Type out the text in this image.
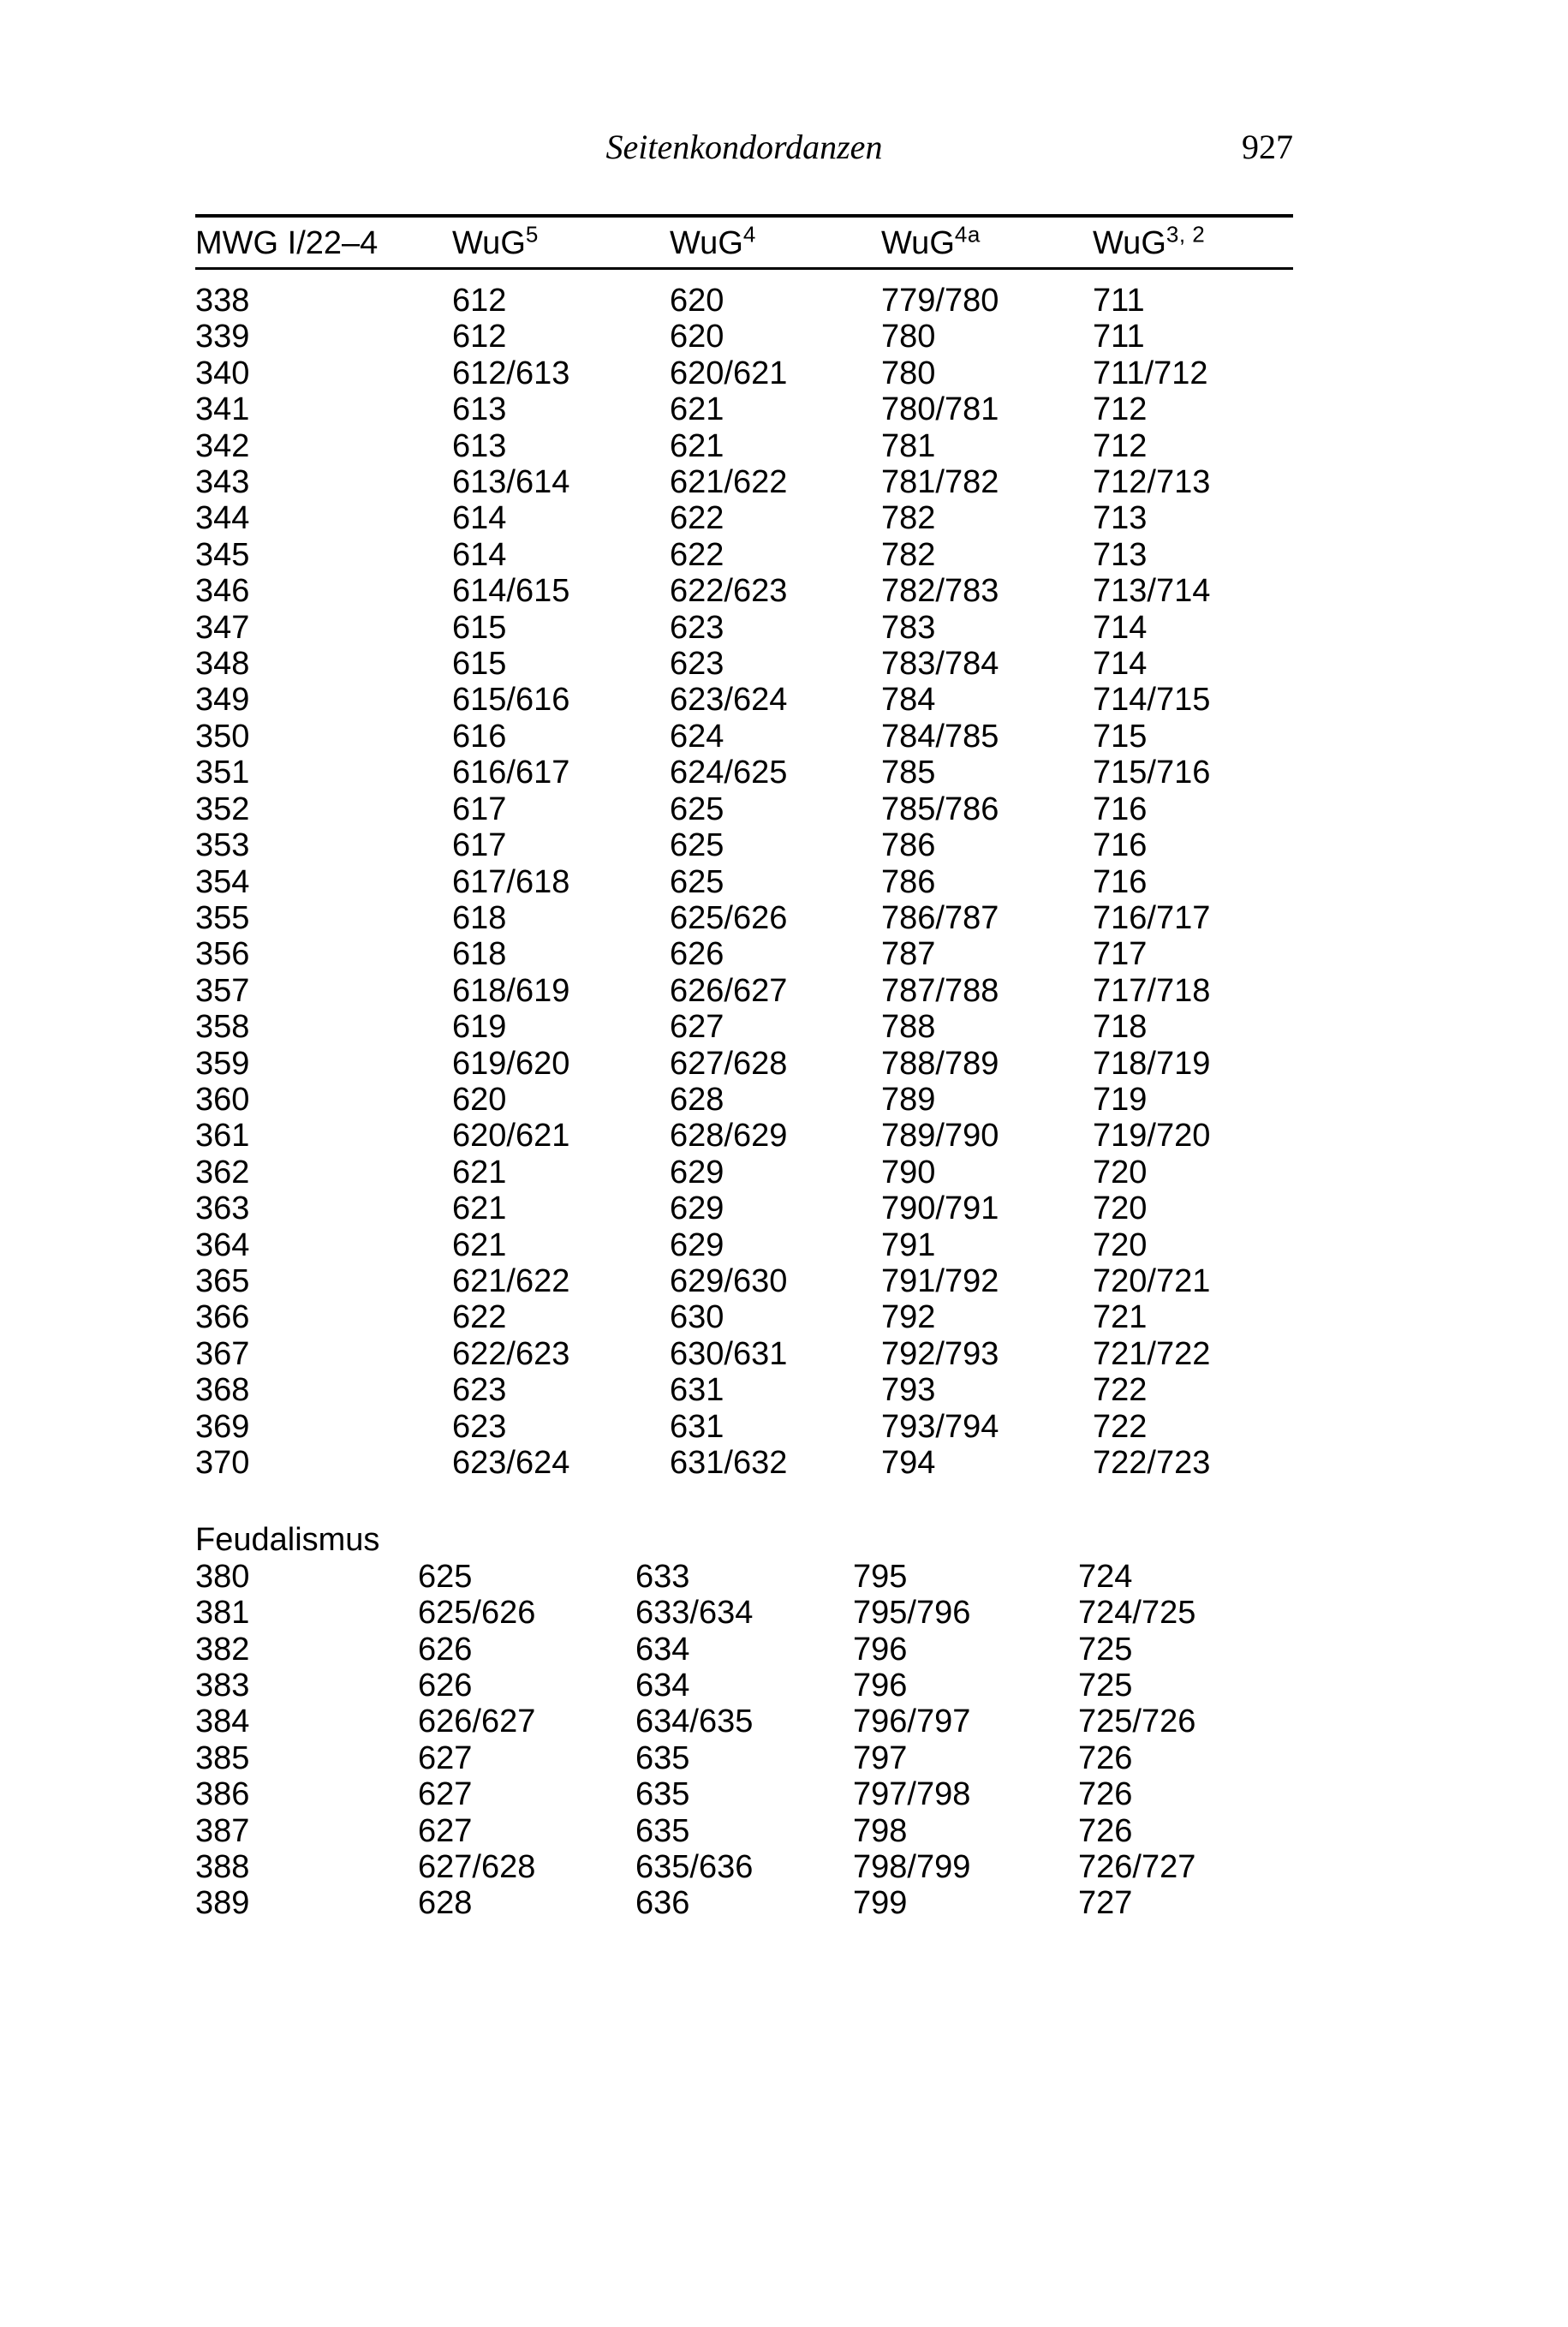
Seitenkondordanzen	927
MWG I/22–4	WuG$^5$	WuG$^4$	WuG$^{4a}$	WuG$^{3, 2}$
338	612	620	779/780	711
339	612	620	780	711
340	612/613	620/621	780	711/712
341	613	621	780/781	712
342	613	621	781	712
343	613/614	621/622	781/782	712/713
344	614	622	782	713
345	614	622	782	713
346	614/615	622/623	782/783	713/714
347	615	623	783	714
348	615	623	783/784	714
349	615/616	623/624	784	714/715
350	616	624	784/785	715
351	616/617	624/625	785	715/716
352	617	625	785/786	716
353	617	625	786	716
354	617/618	625	786	716
355	618	625/626	786/787	716/717
356	618	626	787	717
357	618/619	626/627	787/788	717/718
358	619	627	788	718
359	619/620	627/628	788/789	718/719
360	620	628	789	719
361	620/621	628/629	789/790	719/720
362	621	629	790	720
363	621	629	790/791	720
364	621	629	791	720
365	621/622	629/630	791/792	720/721
366	622	630	792	721
367	622/623	630/631	792/793	721/722
368	623	631	793	722
369	623	631	793/794	722
370	623/624	631/632	794	722/723
Feudalismus
380	625	633	795	724
381	625/626	633/634	795/796	724/725
382	626	634	796	725
383	626	634	796	725
384	626/627	634/635	796/797	725/726
385	627	635	797	726
386	627	635	797/798	726
387	627	635	798	726
388	627/628	635/636	798/799	726/727
389	628	636	799	727
